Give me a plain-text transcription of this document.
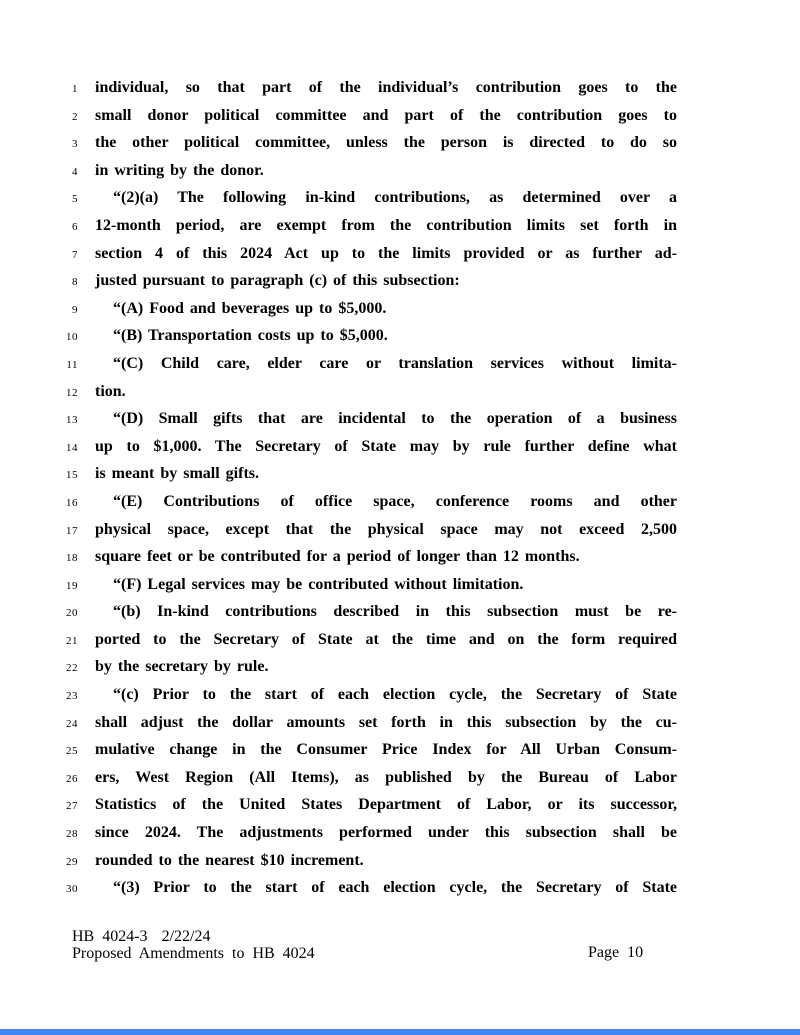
1 individual, so that part of the individual’s contribution goes to the
2 small donor political committee and part of the contribution goes to
3 the other political committee, unless the person is directed to do so
4 in writing by the donor.
5	“(2)(a) The following in-kind contributions, as determined over a
6 12-month period, are exempt from the contribution limits set forth in
7 section 4 of this 2024 Act up to the limits provided or as further ad-
8 justed pursuant to paragraph (c) of this subsection:
9	“(A) Food and beverages up to $5,000.
10	“(B) Transportation costs up to $5,000.
11	“(C) Child care, elder care or translation services without limita-
12 tion.
13	“(D) Small gifts that are incidental to the operation of a business
14 up to $1,000. The Secretary of State may by rule further define what
15 is meant by small gifts.
16	“(E) Contributions of office space, conference rooms and other
17 physical space, except that the physical space may not exceed 2,500
18 square feet or be contributed for a period of longer than 12 months.
19	“(F) Legal services may be contributed without limitation.
20	“(b) In-kind contributions described in this subsection must be re-
21 ported to the Secretary of State at the time and on the form required
22 by the secretary by rule.
23	“(c) Prior to the start of each election cycle, the Secretary of State
24 shall adjust the dollar amounts set forth in this subsection by the cu-
25 mulative change in the Consumer Price Index for All Urban Consum-
26 ers, West Region (All Items), as published by the Bureau of Labor
27 Statistics of the United States Department of Labor, or its successor,
28 since 2024. The adjustments performed under this subsection shall be
29 rounded to the nearest $10 increment.
30	“(3) Prior to the start of each election cycle, the Secretary of State
HB 4024-3 2/22/24
Proposed Amendments to HB 4024	Page 10
